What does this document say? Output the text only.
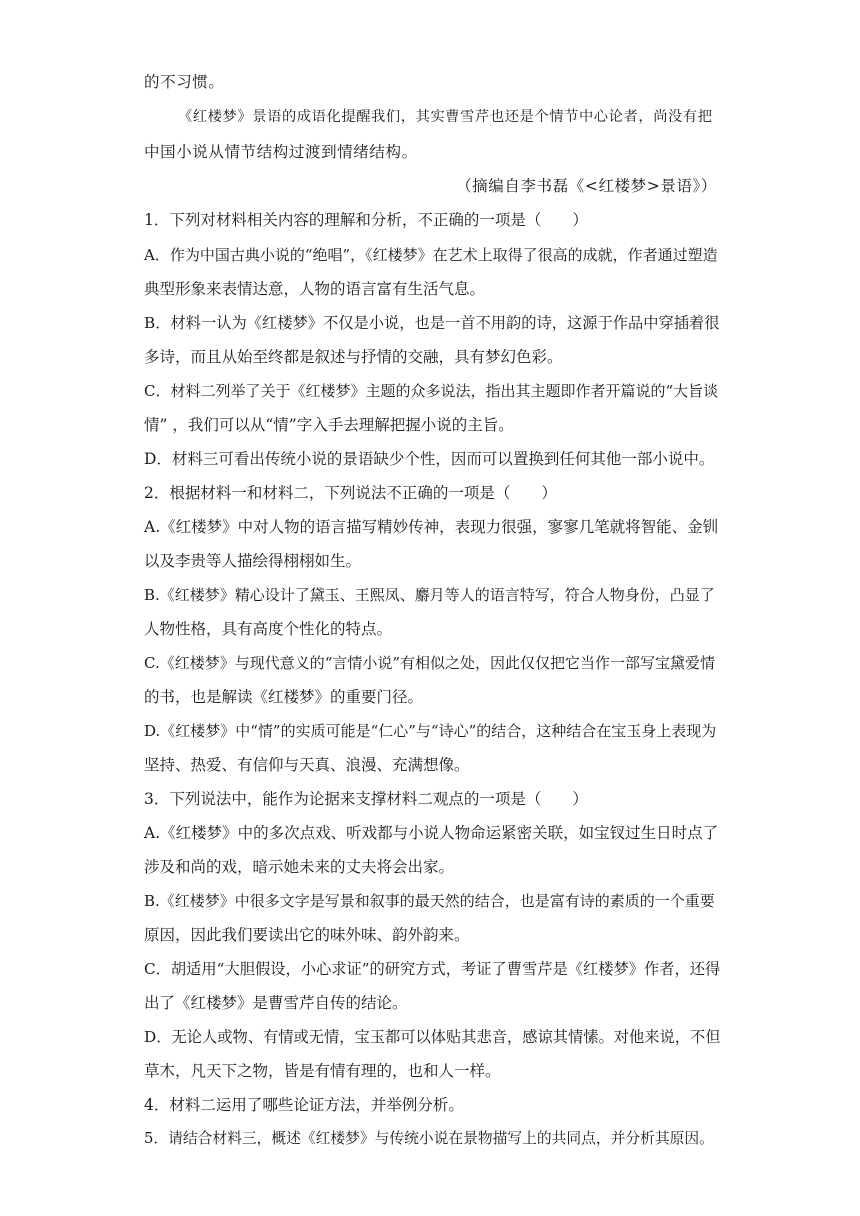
的不习惯。
《红楼梦》景语的成语化提醒我们，其实曹雪芹也还是个情节中心论者，尚没有把
中国小说从情节结构过渡到情绪结构。
（摘编自李书磊《<红楼梦>景语》）
1．下列对材料相关内容的理解和分析，不正确的一项是（　　）
A．作为中国古典小说的“绝唱”，《红楼梦》在艺术上取得了很高的成就，作者通过塑造
典型形象来表情达意，人物的语言富有生活气息。
B．材料一认为《红楼梦》不仅是小说，也是一首不用韵的诗，这源于作品中穿插着很
多诗，而且从始至终都是叙述与抒情的交融，具有梦幻色彩。
C．材料二列举了关于《红楼梦》主题的众多说法，指出其主题即作者开篇说的“大旨谈
情” ，我们可以从“情”字入手去理解把握小说的主旨。
D．材料三可看出传统小说的景语缺少个性，因而可以置换到任何其他一部小说中。
2．根据材料一和材料二，下列说法不正确的一项是（　　）
A.《红楼梦》中对人物的语言描写精妙传神，表现力很强，寥寥几笔就将智能、金钏
以及李贵等人描绘得栩栩如生。
B.《红楼梦》精心设计了黛玉、王熙凤、麝月等人的语言特写，符合人物身份，凸显了
人物性格，具有高度个性化的特点。
C.《红楼梦》与现代意义的“言情小说”有相似之处，因此仅仅把它当作一部写宝黛爱情
的书，也是解读《红楼梦》的重要门径。
D.《红楼梦》中“情”的实质可能是“仁心”与“诗心”的结合，这种结合在宝玉身上表现为
坚持、热爱、有信仰与天真、浪漫、充满想像。
3．下列说法中，能作为论据来支撑材料二观点的一项是（　　）
A.《红楼梦》中的多次点戏、听戏都与小说人物命运紧密关联，如宝钗过生日时点了
涉及和尚的戏，暗示她未来的丈夫将会出家。
B.《红楼梦》中很多文字是写景和叙事的最天然的结合，也是富有诗的素质的一个重要
原因，因此我们要读出它的味外味、韵外韵来。
C．胡适用“大胆假设，小心求证”的研究方式，考证了曹雪芹是《红楼梦》作者，还得
出了《红楼梦》是曹雪芹自传的结论。
D．无论人或物、有情或无情，宝玉都可以体贴其悲音，感谅其情愫。对他来说，不但
草木，凡天下之物，皆是有情有理的，也和人一样。
4．材料二运用了哪些论证方法，并举例分析。
5．请结合材料三，概述《红楼梦》与传统小说在景物描写上的共同点，并分析其原因。
